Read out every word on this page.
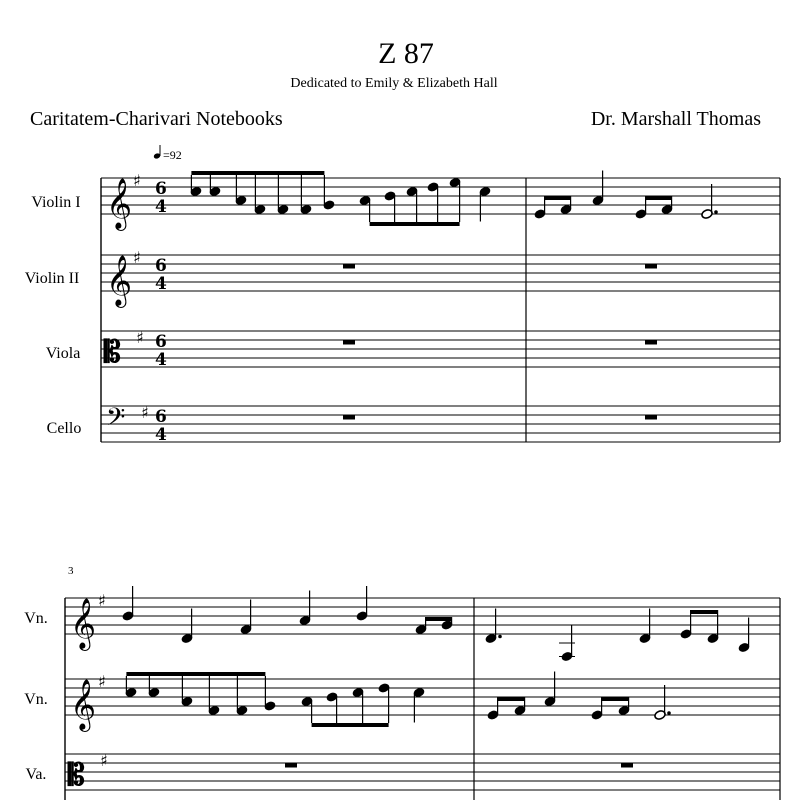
Z 87
Dedicated to Emily & Elizabeth Hall
Caritatem-Charivari Notebooks	Dr. Marshall Thomas
=92
Violin I
Violin II
Viola
Cello
3
Vn.
Vn.
Va.
𝄞 ♯ 6
4
𝄞 ♯ 6
4
𝄡 ♯ 6
4
𝄢 ♯ 6
4
𝄞 ♯
𝄞 ♯
𝄡 ♯
